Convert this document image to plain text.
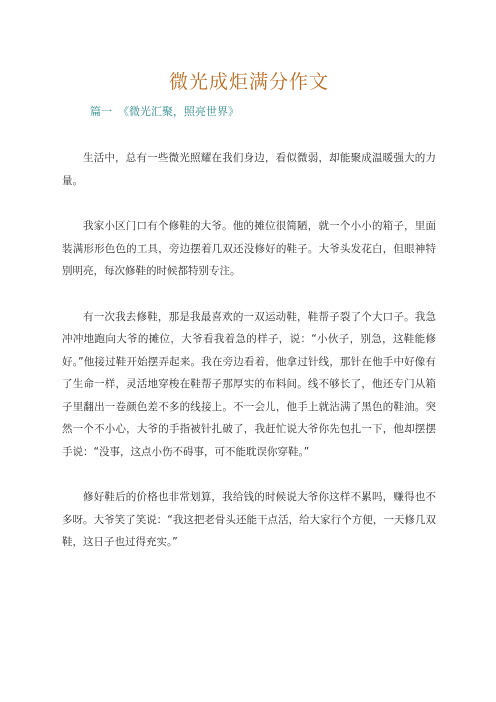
微光成炬满分作文
篇一 《微光汇聚，照亮世界》

生活中，总有一些微光照耀在我们身边，看似微弱，却能聚成温暖强大的力量。

我家小区门口有个修鞋的大爷。他的摊位很简陋，就一个小小的箱子，里面装满形形色色的工具，旁边摆着几双还没修好的鞋子。大爷头发花白，但眼神特别明亮，每次修鞋的时候都特别专注。

有一次我去修鞋，那是我最喜欢的一双运动鞋，鞋帮子裂了个大口子。我急冲冲地跑向大爷的摊位，大爷看我着急的样子，说：“小伙子，别急，这鞋能修好。”他接过鞋开始摆弄起来。我在旁边看着，他拿过针线，那针在他手中好像有了生命一样，灵活地穿梭在鞋帮子那厚实的布料间。线不够长了，他还专门从箱子里翻出一卷颜色差不多的线接上。不一会儿，他手上就沾满了黑色的鞋油。突然一个不小心，大爷的手指被针扎破了，我赶忙说大爷你先包扎一下，他却摆摆手说：“没事，这点小伤不碍事，可不能耽误你穿鞋。”

修好鞋后的价格也非常划算，我给钱的时候说大爷你这样不累吗，赚得也不多呀。大爷笑了笑说：“我这把老骨头还能干点活，给大家行个方便，一天修几双鞋，这日子也过得充实。”
